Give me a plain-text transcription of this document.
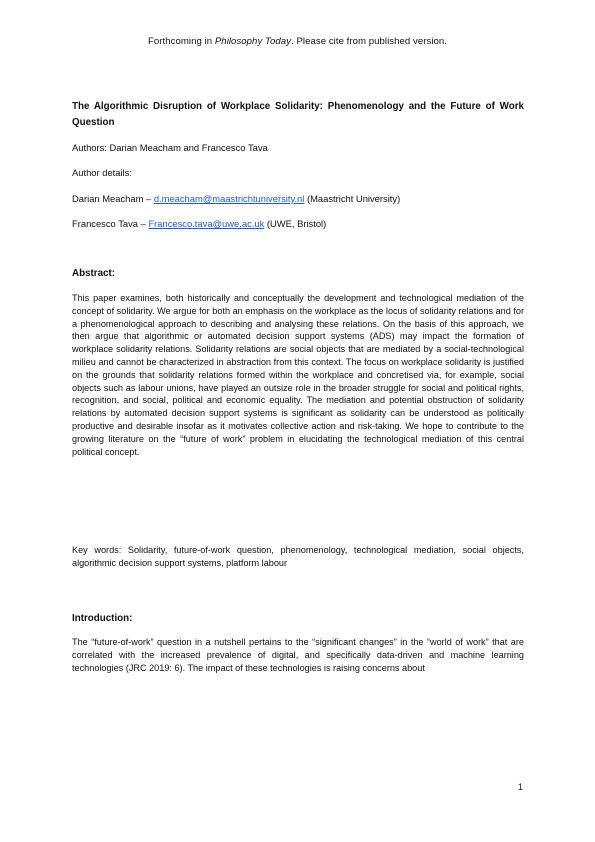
Forthcoming in Philosophy Today. Please cite from published version.
The Algorithmic Disruption of Workplace Solidarity: Phenomenology and the Future of Work Question
Authors: Darian Meacham and Francesco Tava
Author details:
Darian Meacham – d.meacham@maastrichtuniversity.nl (Maastricht University)
Francesco Tava – Francesco.tava@uwe.ac.uk (UWE, Bristol)
Abstract:
This paper examines, both historically and conceptually the development and technological mediation of the concept of solidarity. We argue for both an emphasis on the workplace as the locus of solidarity relations and for a phenomenological approach to describing and analysing these relations. On the basis of this approach, we then argue that algorithmic or automated decision support systems (ADS) may impact the formation of workplace solidarity relations. Solidarity relations are social objects that are mediated by a social-technological milieu and cannot be characterized in abstraction from this context. The focus on workplace solidarity is justified on the grounds that solidarity relations formed within the workplace and concretised via, for example, social objects such as labour unions, have played an outsize role in the broader struggle for social and political rights, recognition, and social, political and economic equality. The mediation and potential obstruction of solidarity relations by automated decision support systems is significant as solidarity can be understood as politically productive and desirable insofar as it motivates collective action and risk-taking. We hope to contribute to the growing literature on the “future of work” problem in elucidating the technological mediation of this central political concept.
Key words: Solidarity, future-of-work question, phenomenology, technological mediation, social objects, algorithmic decision support systems, platform labour
Introduction:
The “future-of-work” question in a nutshell pertains to the “significant changes” in the “world of work” that are correlated with the increased prevalence of digital, and specifically data-driven and machine learning technologies (JRC 2019: 6). The impact of these technologies is raising concerns about
1
